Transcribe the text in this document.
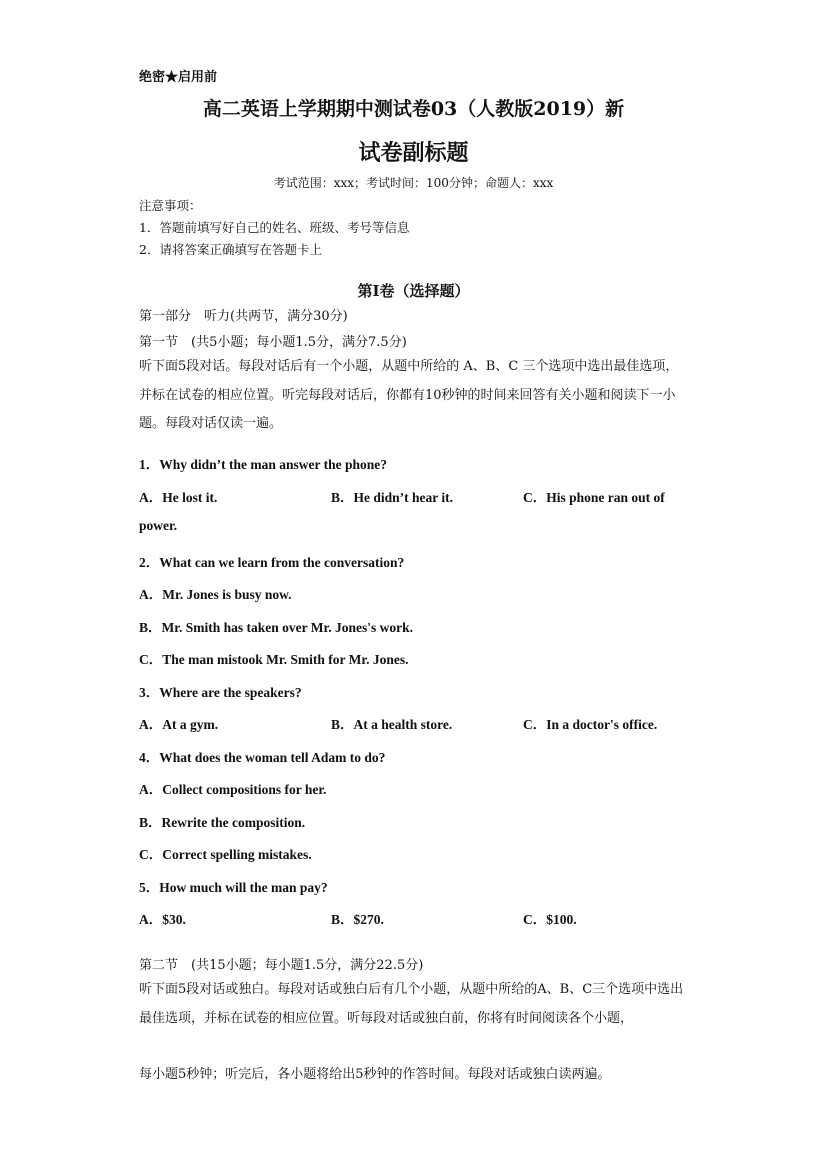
绝密★启用前
高二英语上学期期中测试卷03（人教版2019）新
试卷副标题
考试范围：xxx；考试时间：100分钟；命题人：xxx
注意事项：
1．答题前填写好自己的姓名、班级、考号等信息
2．请将答案正确填写在答题卡上
第I卷（选择题）
第一部分　听力(共两节，满分30分)
第一节　(共5小题；每小题1.5分，满分7.5分)
听下面5段对话。每段对话后有一个小题，从题中所给的 A、B、C 三个选项中选出最佳选项，并标在试卷的相应位置。听完每段对话后，你都有10秒钟的时间来回答有关小题和阅读下一小题。每段对话仅读一遍。
1．Why didn’t the man answer the phone?
A．He lost it.	B．He didn’t hear it.	C．His phone ran out of
power.
2．What can we learn from the conversation?
A．Mr. Jones is busy now.
B．Mr. Smith has taken over Mr. Jones's work.
C．The man mistook Mr. Smith for Mr. Jones.
3．Where are the speakers?
A．At a gym.	B．At a health store.	C．In a doctor's office.
4．What does the woman tell Adam to do?
A．Collect compositions for her.
B．Rewrite the composition.
C．Correct spelling mistakes.
5．How much will the man pay?
A．$30.	B．$270.	C．$100.
第二节　(共15小题；每小题1.5分，满分22.5分)
听下面5段对话或独白。每段对话或独白后有几个小题，从题中所给的A、B、C三个选项中选出最佳选项，并标在试卷的相应位置。听每段对话或独白前，你将有时间阅读各个小题，
每小题5秒钟；听完后，各小题将给出5秒钟的作答时间。每段对话或独白读两遍。
